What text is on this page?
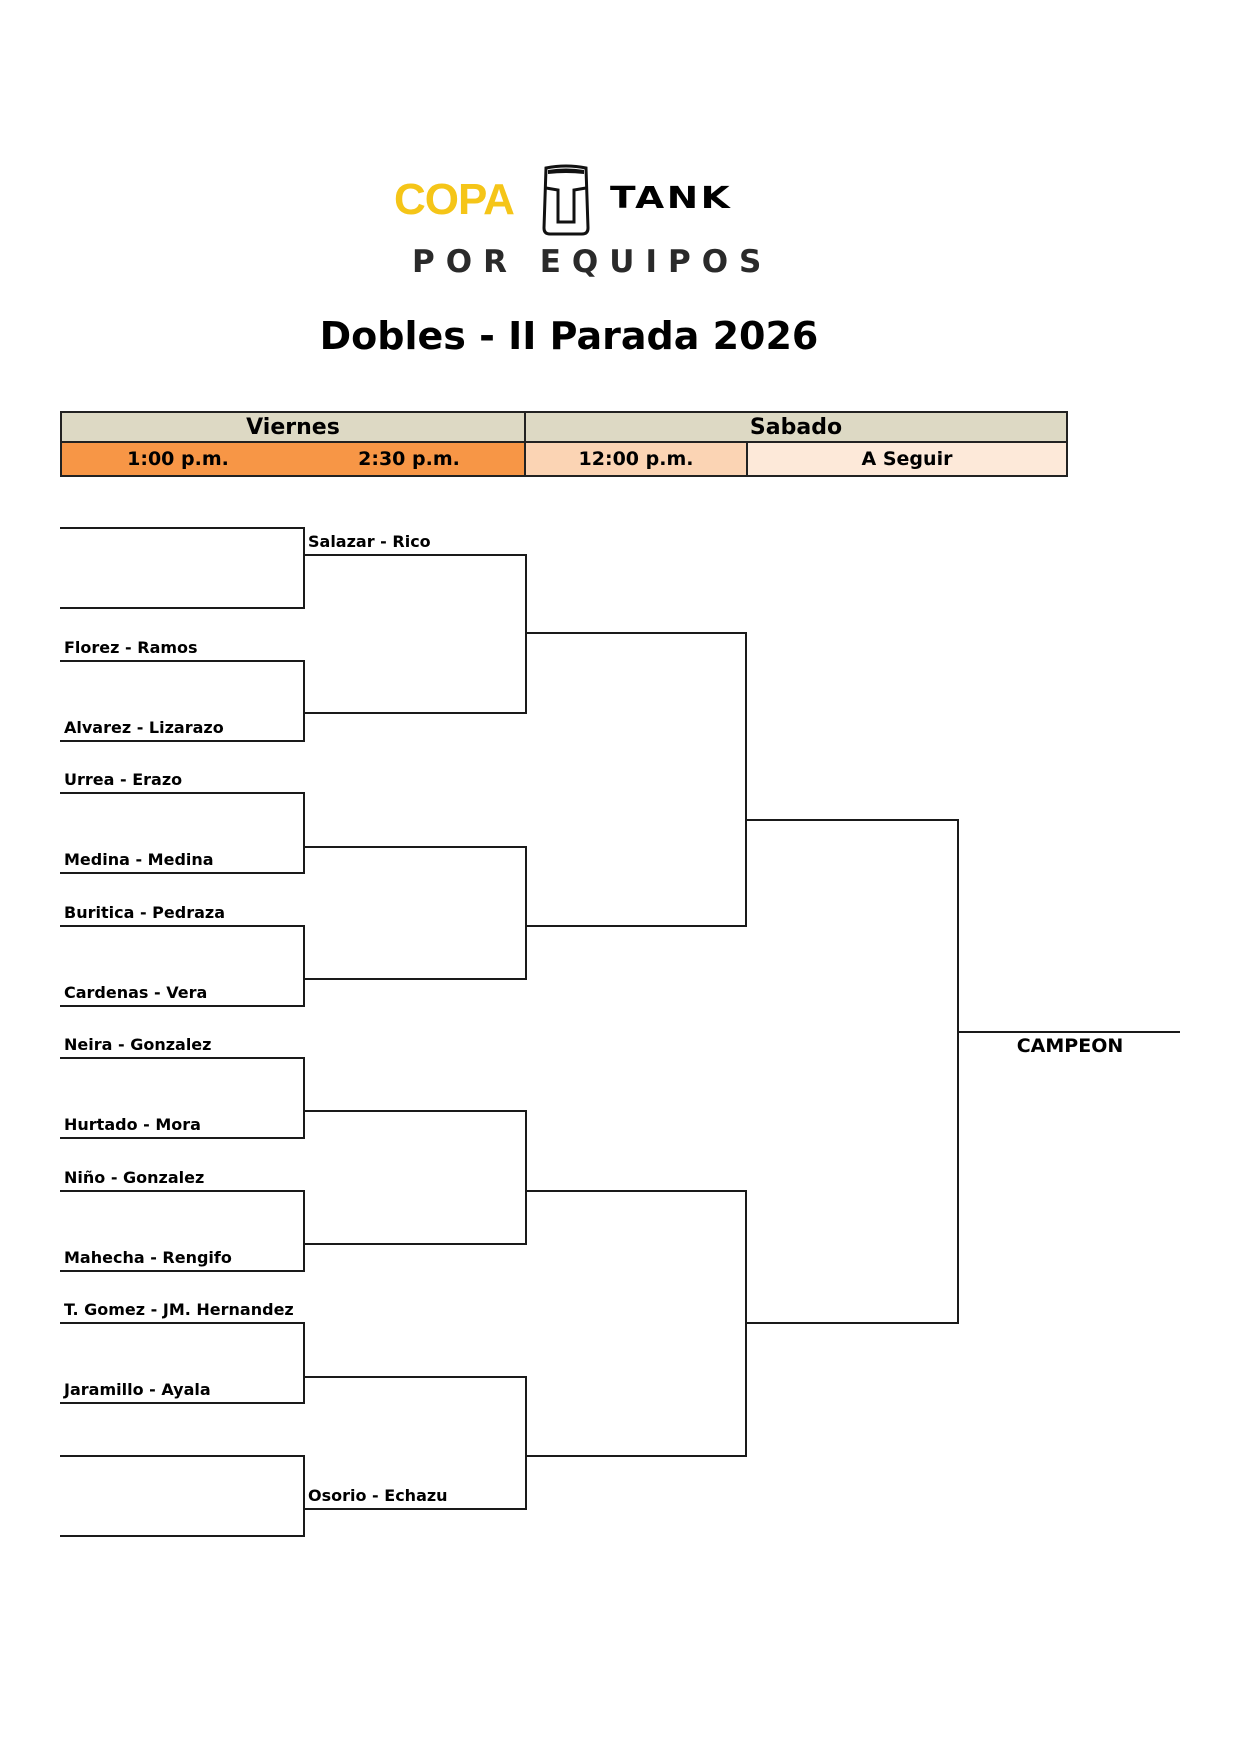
COPA	TANK
POR EQUIPOS
Dobles - II Parada 2026
Viernes	Sabado
1:00 p.m.	2:30 p.m.	12:00 p.m.	A Seguir
Florez - Ramos
Alvarez - Lizarazo
Urrea - Erazo
Medina - Medina
Buritica - Pedraza
Cardenas - Vera
Neira - Gonzalez
Hurtado - Mora
Niño - Gonzalez
Mahecha - Rengifo
T. Gomez - JM. Hernandez
Jaramillo - Ayala
Salazar - Rico
Osorio - Echazu
CAMPEON
